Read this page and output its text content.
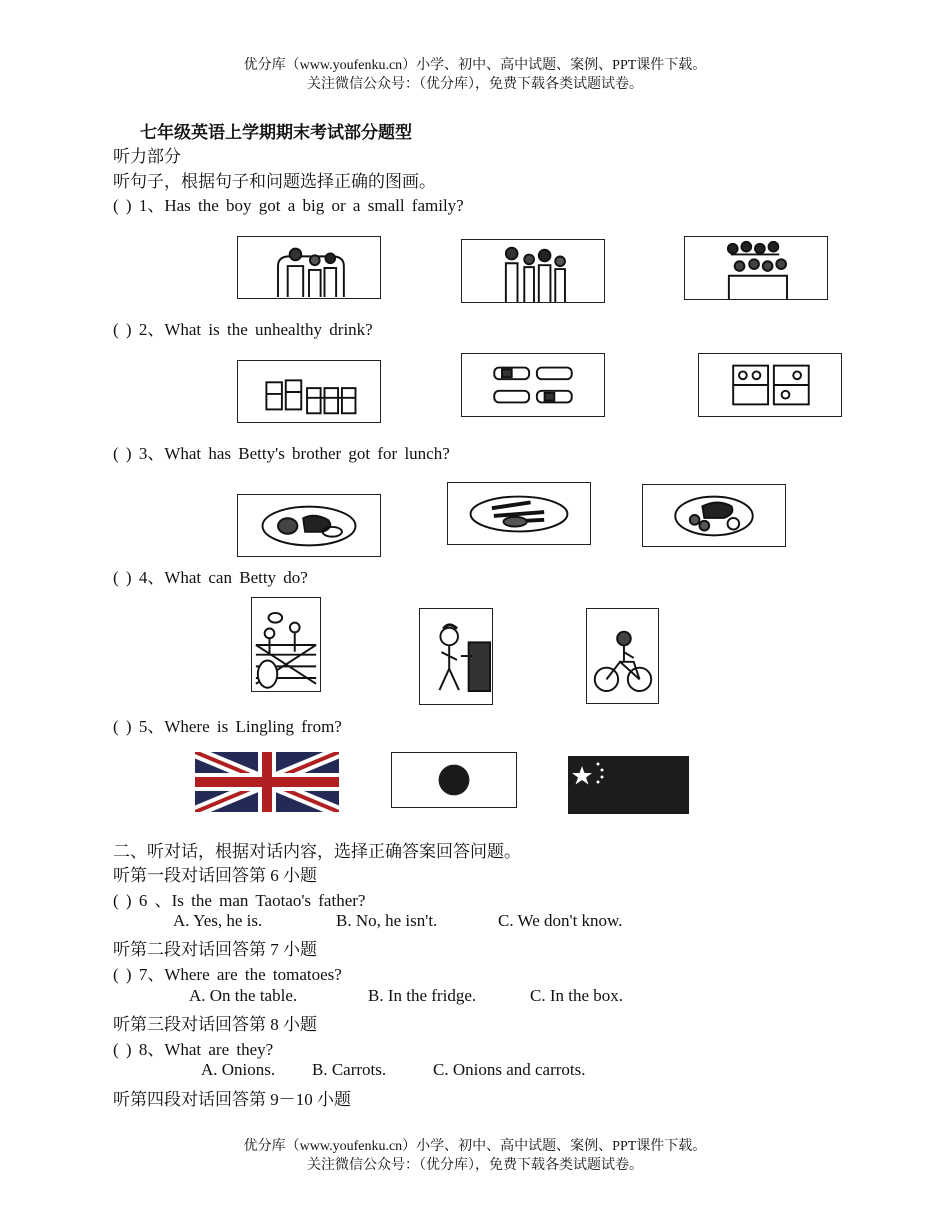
优分库（www.youfenku.cn）小学、初中、高中试题、案例、PPT课件下载。
关注微信公众号：（优分库），免费下载各类试题试卷。
七年级英语上学期期末考试部分题型
听力部分
听句子，根据句子和问题选择正确的图画。
( ) 1、Has the boy got a big or a small family?
( ) 2、What is the unhealthy drink?
( ) 3、What has Betty's brother got for lunch?
( ) 4、What can Betty do?
( ) 5、Where is Lingling from?
二、听对话，根据对话内容，选择正确答案回答问题。
听第一段对话回答第 6 小题
( ) 6 、Is the man Taotao's father?
A. Yes, he is.	B. No, he isn't.	C. We don't know.
听第二段对话回答第 7 小题
( ) 7、Where are the tomatoes?
A. On the table.	B. In the fridge.	C. In the box.
听第三段对话回答第 8 小题
( ) 8、What are they?
A. Onions. B. Carrots.	C. Onions and carrots.
听第四段对话回答第 9－10 小题
优分库（www.youfenku.cn）小学、初中、高中试题、案例、PPT课件下载。
关注微信公众号：（优分库），免费下载各类试题试卷。
